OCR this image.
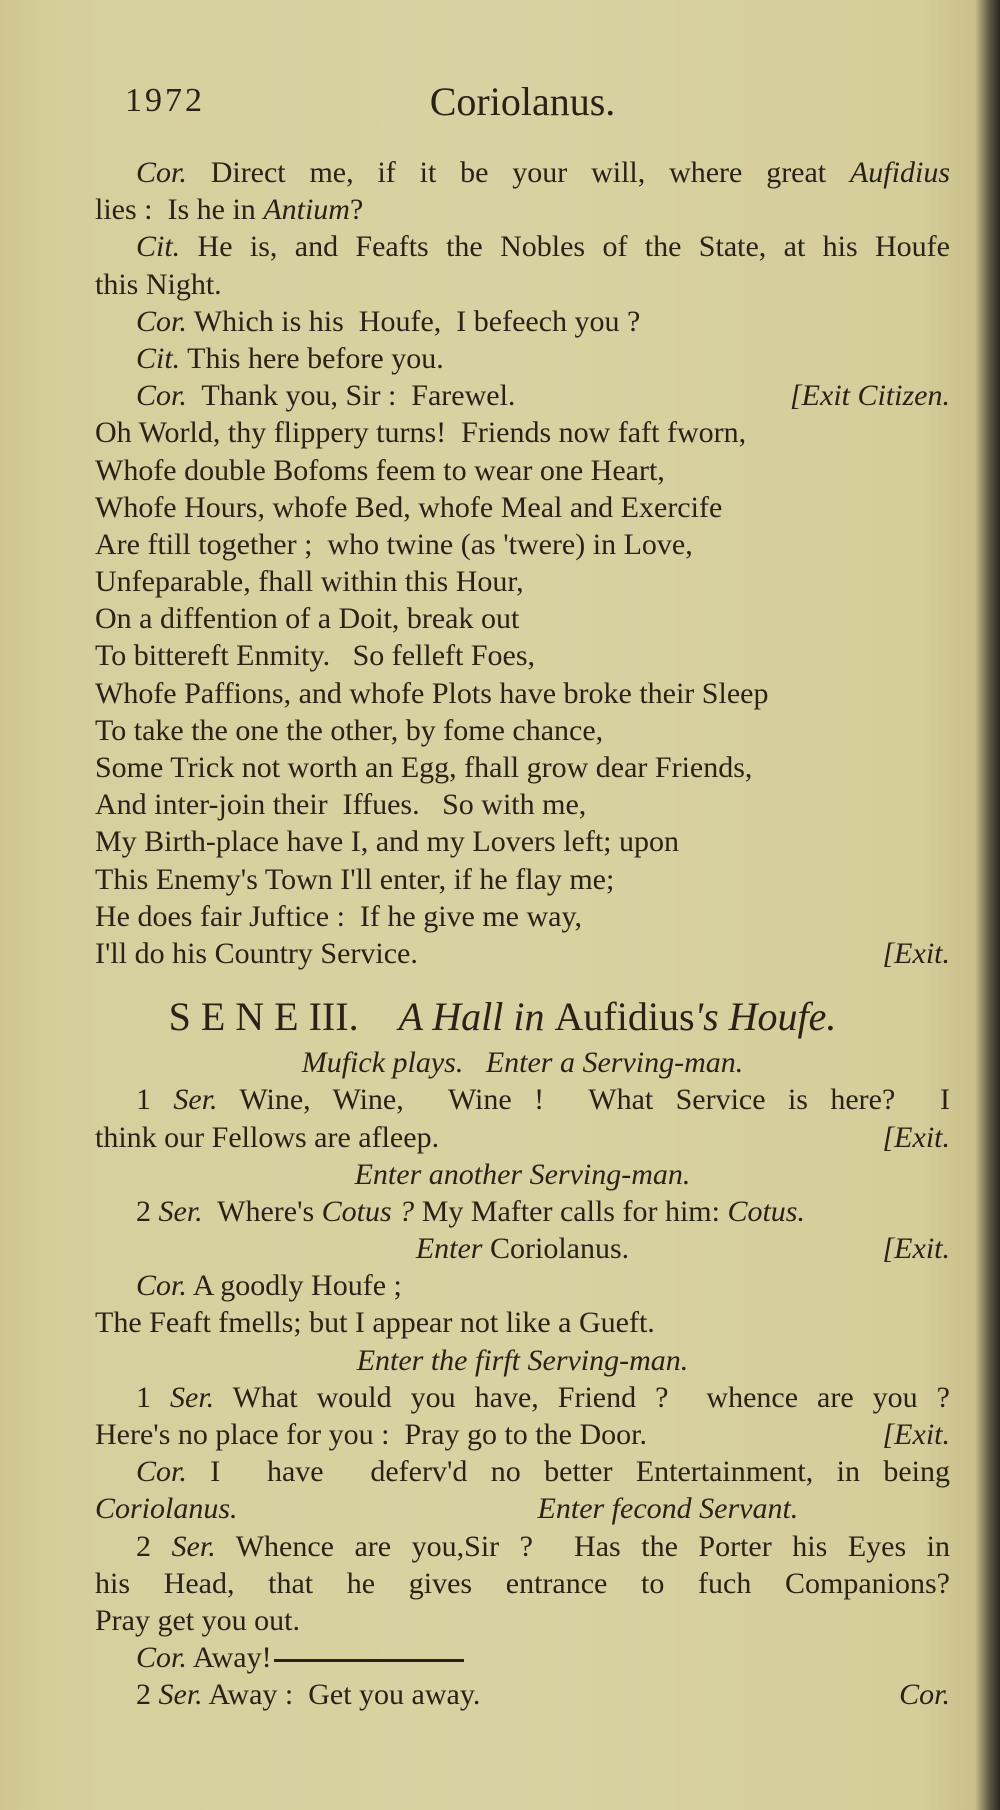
1972	Coriolanus.
Cor. Direct me, if it be your will, where great Aufidius
lies :  Is he in Antium?
Cit. He is, and Feafts the Nobles of the State, at his Houfe
this Night.
Cor. Which is his  Houfe,  I befeech you ?
Cit. This here before you.
Cor.  Thank you, Sir :  Farewel.	[Exit Citizen.
Oh World, thy flippery turns!  Friends now faft fworn,
Whofe double Bofoms feem to wear one Heart,
Whofe Hours, whofe Bed, whofe Meal and Exercife
Are ftill together ;  who twine (as 'twere) in Love,
Unfeparable, fhall within this Hour,
On a diffention of a Doit, break out
To bittereft Enmity.   So felleft Foes,
Whofe Paffions, and whofe Plots have broke their Sleep
To take the one the other, by fome chance,
Some Trick not worth an Egg, fhall grow dear Friends,
And inter-join their  Iffues.   So with me,
My Birth-place have I, and my Lovers left; upon
This Enemy's Town I'll enter, if he flay me;
He does fair Juftice :  If he give me way,
I'll do his Country Service.	[Exit.
S E N E III.    A Hall in Aufidius's Houfe.
Mufick plays.   Enter a Serving-man.
1 Ser. Wine, Wine,  Wine !  What Service is here?  I
think our Fellows are afleep.	[Exit.
Enter another Serving-man.
2 Ser.  Where's Cotus ? My Mafter calls for him: Cotus.
Enter Coriolanus.	[Exit.
Cor. A goodly Houfe ;
The Feaft fmells; but I appear not like a Gueft.
Enter the firft Serving-man.
1 Ser. What would you have, Friend ?  whence are you ?
Here's no place for you :  Pray go to the Door.	[Exit.
Cor. I  have  deferv'd no better Entertainment, in being
Coriolanus.	Enter fecond Servant.
2 Ser. Whence are you,Sir ?  Has the Porter his Eyes in
his Head, that he gives entrance to fuch Companions?
Pray get you out.
Cor. Away!
2 Ser. Away :  Get you away.	Cor.
